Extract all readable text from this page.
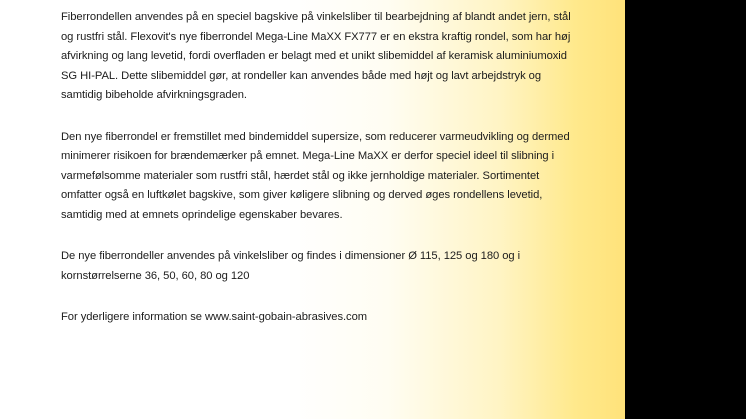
Fiberrondellen anvendes på en speciel bagskive på vinkelsliber til bearbejdning af blandt andet jern, stål og rustfri stål. Flexovit's nye fiberrondel Mega-Line MaXX FX777 er en ekstra kraftig rondel, som har høj afvirkning og lang levetid, fordi overfladen er belagt med et unikt slibemiddel af keramisk aluminiumoxid SG HI-PAL. Dette slibemiddel gør, at rondeller kan anvendes både med højt og lavt arbejdstryk og samtidig bibeholde afvirkningsgraden.

Den nye fiberrondel er fremstillet med bindemiddel supersize, som reducerer varmeudvikling og dermed minimerer risikoen for brændemærker på emnet. Mega-Line MaXX er derfor speciel ideel til slibning i varmefølsomme materialer som rustfri stål, hærdet stål og ikke jernholdige materialer. Sortimentet omfatter også en luftkølet bagskive, som giver køligere slibning og derved øges rondellens levetid, samtidig med at emnets oprindelige egenskaber bevares.

De nye fiberrondeller anvendes på vinkelsliber og findes i dimensioner Ø 115, 125 og 180 og i kornstørrelserne 36, 50, 60, 80 og 120

For yderligere information se www.saint-gobain-abrasives.com
